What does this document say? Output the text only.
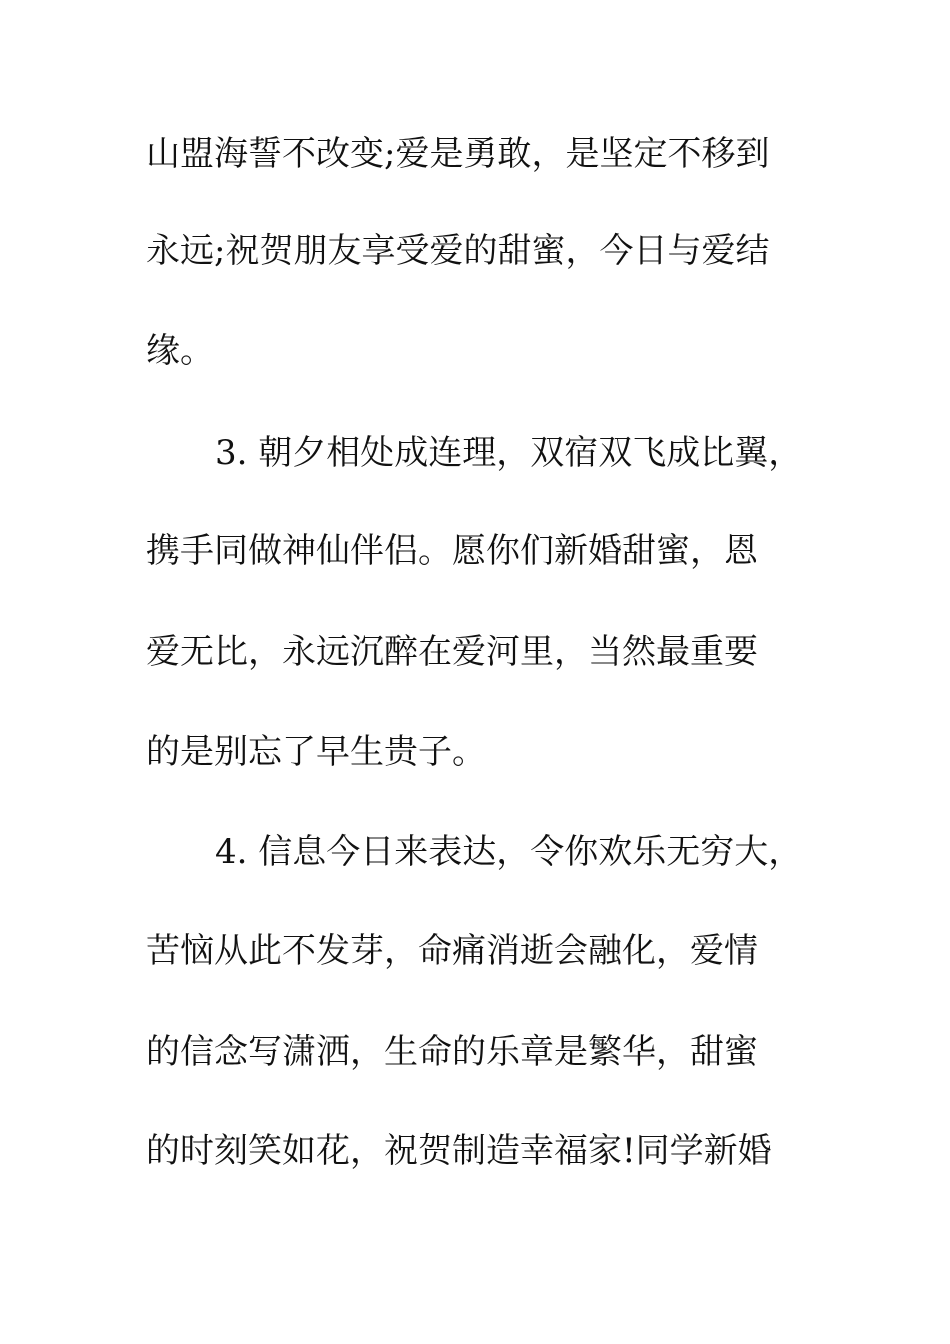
山盟海誓不改变;爱是勇敢，是坚定不移到

永远;祝贺朋友享受爱的甜蜜，今日与爱结

缘。

3. 朝夕相处成连理，双宿双飞成比翼，

携手同做神仙伴侣。愿你们新婚甜蜜，恩

爱无比，永远沉醉在爱河里，当然最重要

的是别忘了早生贵子。

4. 信息今日来表达，令你欢乐无穷大，

苦恼从此不发芽，命痛消逝会融化，爱情

的信念写潇洒，生命的乐章是繁华，甜蜜

的时刻笑如花，祝贺制造幸福家!同学新婚
